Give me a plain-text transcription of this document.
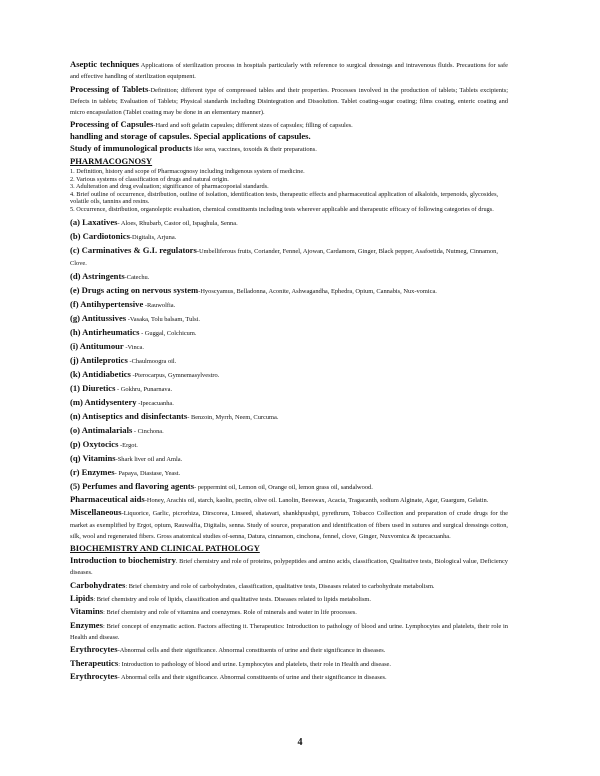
Aseptic techniques Applications of sterilization process in hospitals particularly with reference to surgical dressings and intravenous fluids. Precautions for safe and effective handling of sterilization equipment.

Processing of Tablets-Definition; different type of compressed tables and their properties. Processes involved in the production of tablets; Tablets excipients; Defects in tablets; Evaluation of Tablets; Physical standards including Disintegration and Dissolution. Tablet coating-sugar coating; films coating, enteric coating and micro encapsulation (Tablet coating may be done in an elementary manner).

Processing of Capsules-Hard and soft gelatin capsules; different sizes of capsules; filling of capsules.

handling and storage of capsules. Special applications of capsules.

Study of immunological products like sera, vaccines, toxoids & their preparations.

PHARMACOGNOSY

1. Definition, history and scope of Pharmacognosy including indigenous system of medicine.

2. Various systems of classification of drugs and natural origin.

3. Adulteration and drug evaluation; significance of pharmacopoeial standards.

4. Brief outline of occurrence, distribution, outline of isolation, identification tests, therapeutic effects and pharmaceutical application of alkaloids, terpenoids, glycosides, volatile oils, tannins and resins.

5. Occurrence, distribution, organoleptic evaluation, chemical constituents including tests wherever applicable and therapeutic efficacy of following categories of drugs.

(a) Laxatives- Aloes, Rhubarb, Castor oil, Ispaghula, Senna.

(b) Cardiotonics-Digitalis, Arjuna.

(c) Carminatives & G.I. regulators-Umbelliferous fruits, Coriander, Fennel, Ajowan, Cardamom, Ginger, Black pepper, Asafoetida, Nutmeg, Cinnamon, Clove.

(d) Astringents-Catechu.

(e) Drugs acting on nervous system-Hyoscyamus, Belladonna, Aconite, Ashwagandha, Ephedra, Opium, Cannabis, Nux-vomica.

(f) Antihypertensive -Rauwolfia.

(g) Antitussives -Vasaka, Tolu balsam, Tulsi.

(h) Antirheumatics - Guggal, Colchicum.

(i) Antitumour -Vinca.

(j) Antileprotics -Chaulmoogra oil.

(k) Antidiabetics -Pterocarpus, Gymnemasylvestro.

(1) Diuretics - Gokhru, Punarnava.

(m) Antidysentery -Ipecacuanha.

(n) Antiseptics and disinfectants- Benzoin, Myrrh, Neem, Curcuma.

(o) Antimalarials - Cinchona.

(p) Oxytocics -Ergot.

(q) Vitamins-Shark liver oil and Amla.

(r) Enzymes- Papaya, Diastase, Yeast.

(5) Perfumes and flavoring agents- peppermint oil, Lemon oil, Orange oil, lemon grass oil, sandalwood.

Pharmaceutical aids-Honey, Arachis oil, starch, kaolin, pectin, olive oil. Lanolin, Beeswax, Acacia, Tragacanth, sodium Alginate, Agar, Guargum, Gelatin.

Miscellaneous-Liquorice, Garlic, picrorhiza, Dirscorea, Linseed, shatavari, shankhpushpi, pyrethrum, Tobacco Collection and preparation of crude drugs for the market as exemplified by Ergot, opium, Rauwalfia, Digitalis, senna. Study of source, preparation and identification of fibers used in sutures and surgical dressings cotton, silk, wool and regenerated fibers. Gross anatomical studies of-senna, Datura, cinnamon, cinchona, fennel, clove, Ginger, Nuxvomica & ipecacuanha.

BIOCHEMISTRY AND CLINICAL PATHOLOGY

Introduction to biochemistry. Brief chemistry and role of proteins, polypeptides and amino acids, classification, Qualitative tests, Biological value, Deficiency diseases.

Carbohydrates: Brief chemistry and role of carbohydrates, classification, qualitative tests, Diseases related to carbohydrate metabolism.

Lipids: Brief chemistry and role of lipids, classification and qualitative tests. Diseases related to lipids metabolism.

Vitamins: Brief chemistry and role of vitamins and coenzymes. Role of minerals and water in life processes.

Enzymes: Brief concept of enzymatic action. Factors affecting it. Therapeutics: Introduction to pathology of blood and urine. Lymphocytes and platelets, their role in Health and disease.

Erythrocytes-Abnormal cells and their significance. Abnormal constituents of urine and their significance in diseases.

Therapeutics: Introduction to pathology of blood and urine. Lymphocytes and platelets, their role in Health and disease.

Erythrocytes- Abnormal cells and their significance. Abnormal constituents of urine and their significance in diseases.

4
